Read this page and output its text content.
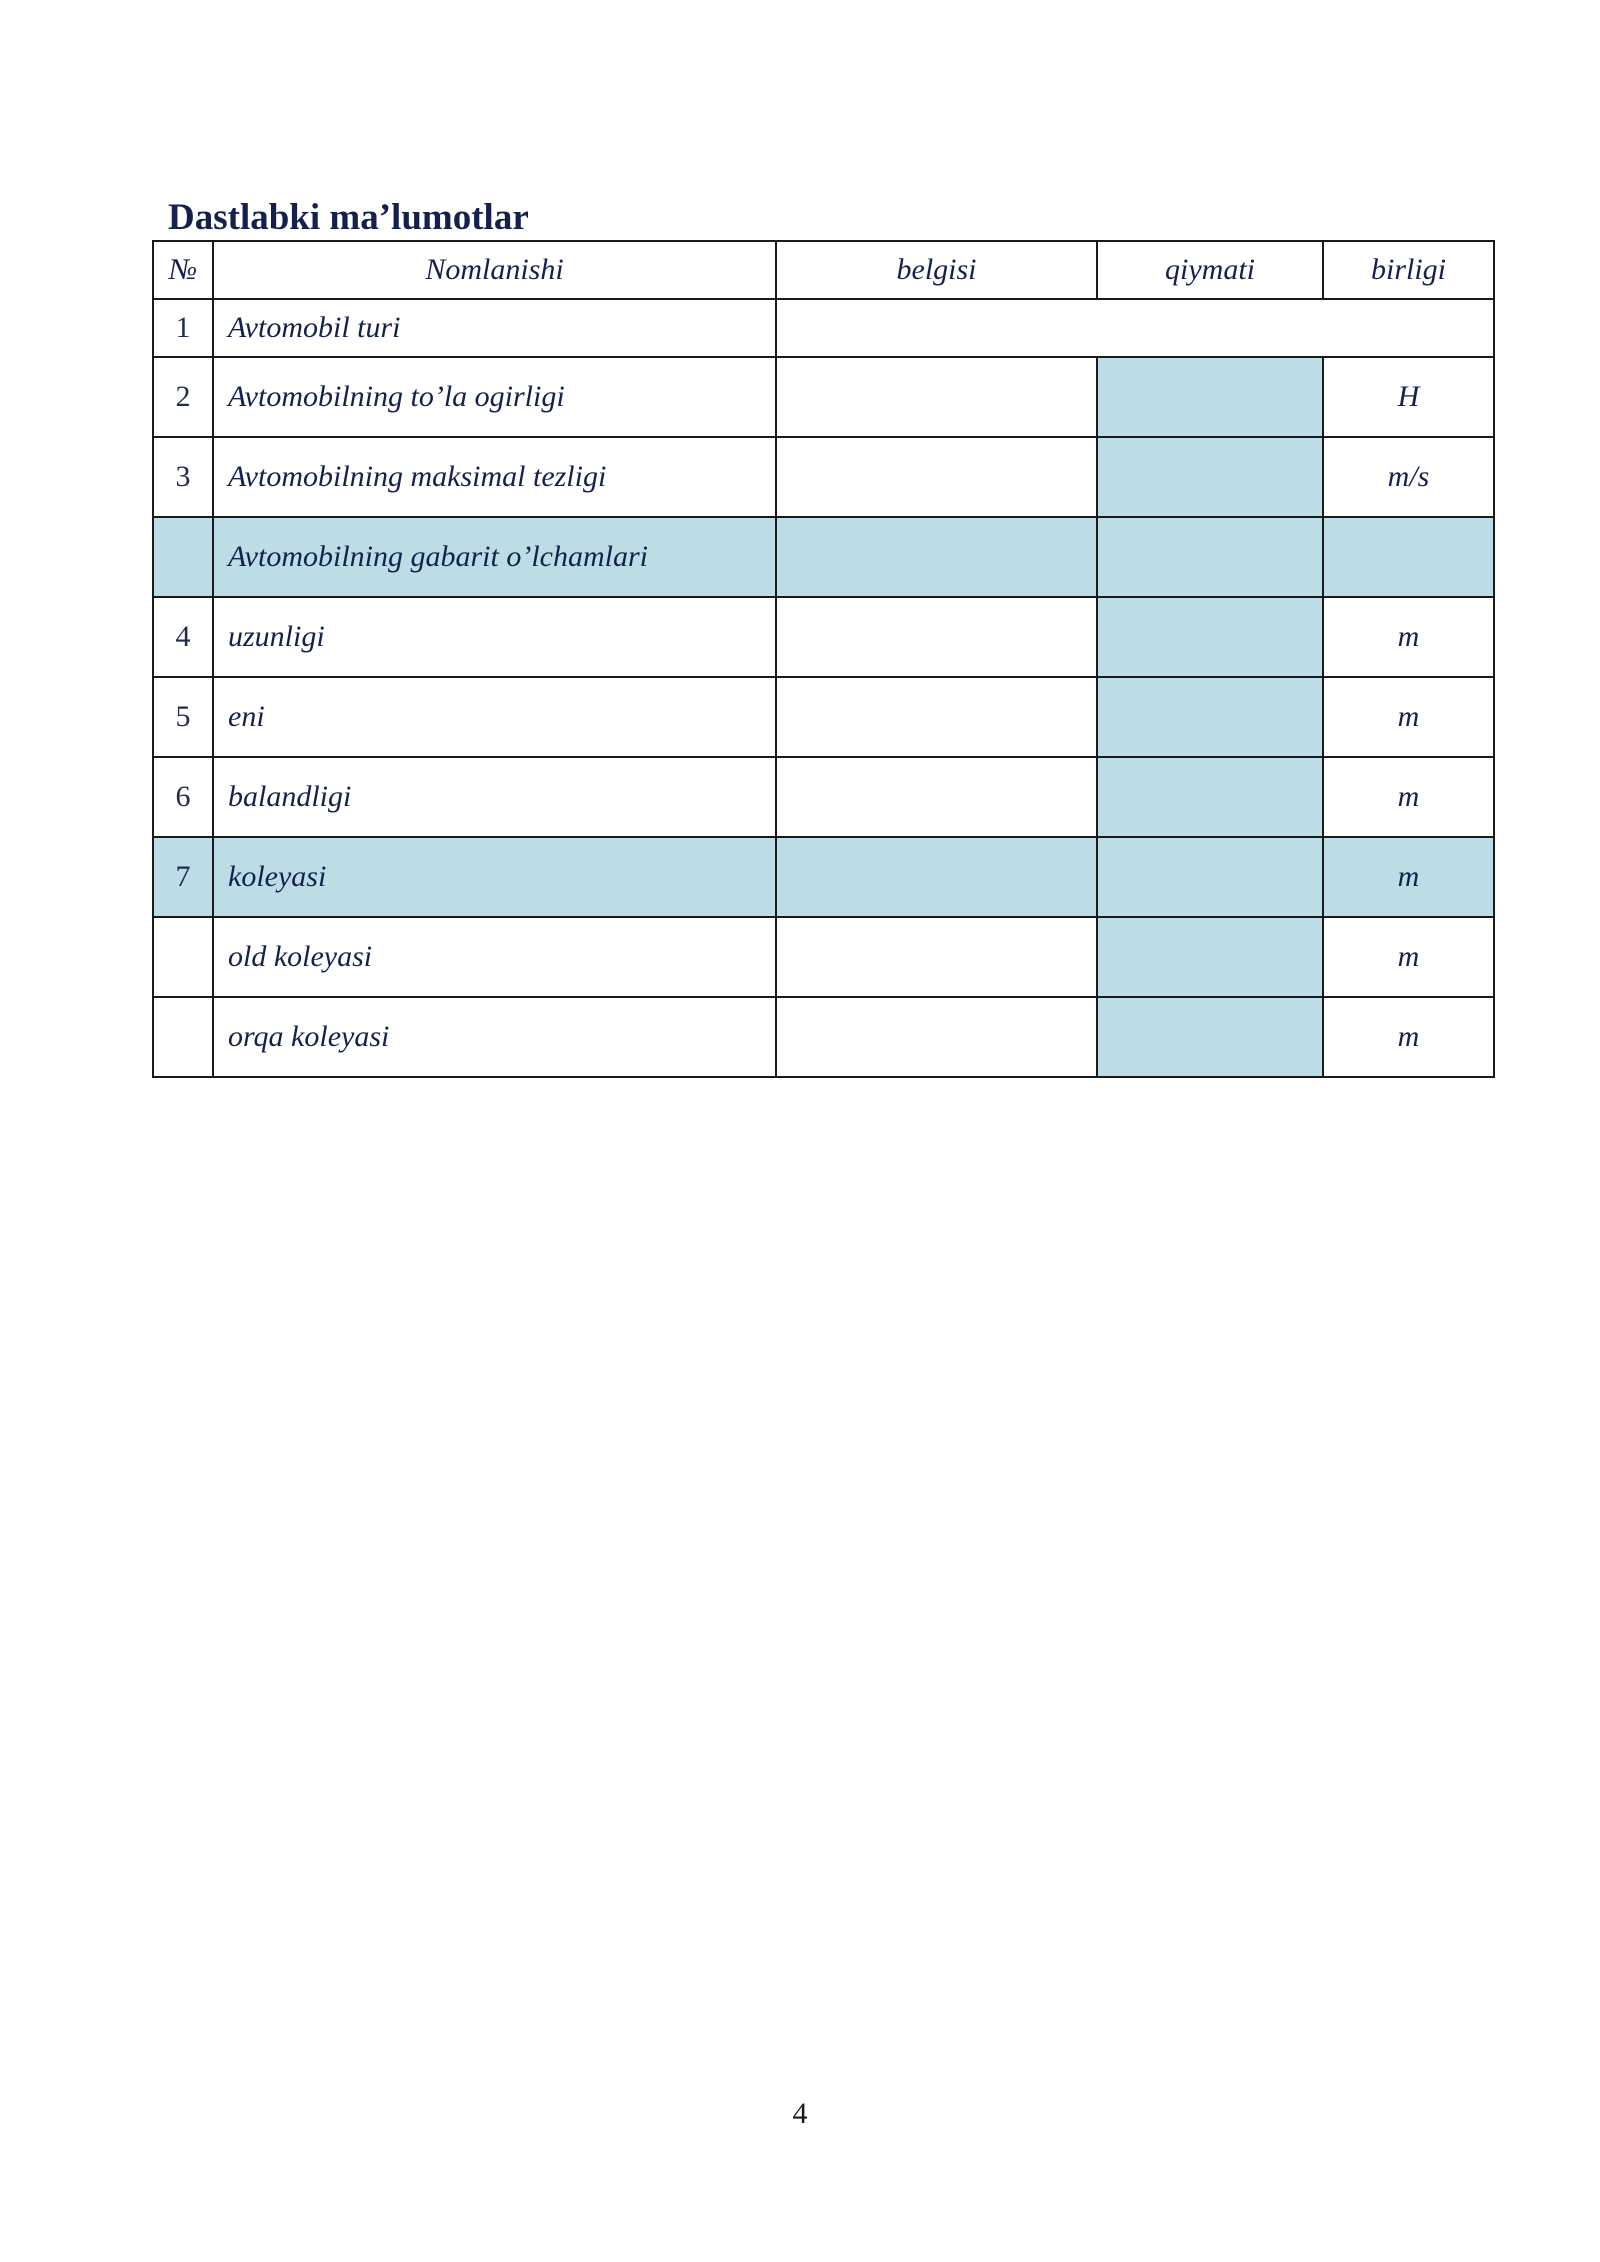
Dastlabki ma’lumotlar
№	Nomlanishi	belgisi	qiymati	birligi
1	Avtomobil turi			
2	Avtomobilning to’la ogirligi			H
3	Avtomobilning maksimal tezligi			m/s
	Avtomobilning gabarit o’lchamlari			
4	uzunligi			m
5	eni			m
6	balandligi			m
7	koleyasi			m
	old koleyasi			m
	orqa koleyasi			m
4
